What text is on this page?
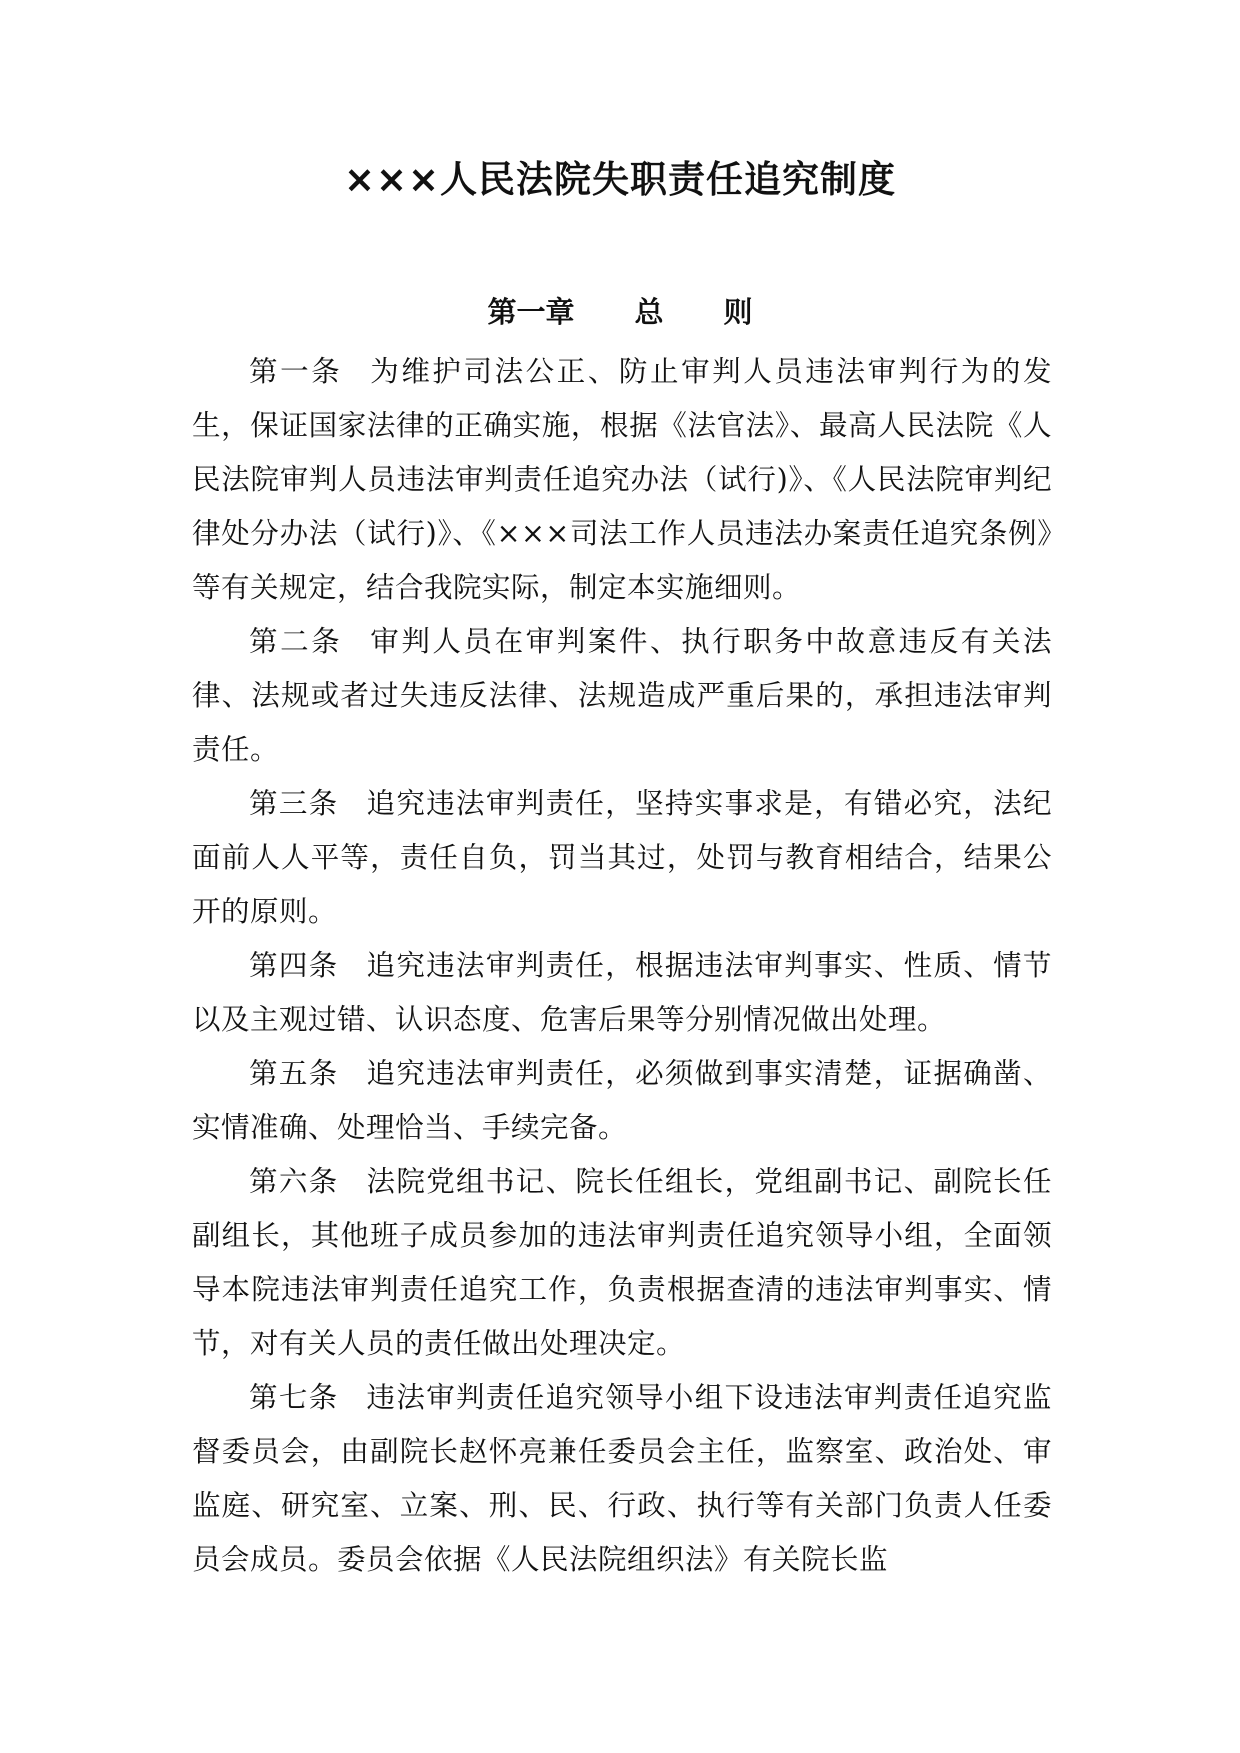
×××人民法院失职责任追究制度
第一章 总 则

第一条 为维护司法公正、防止审判人员违法审判行为的发生，保证国家法律的正确实施，根据《法官法》、最高人民法院《人民法院审判人员违法审判责任追究办法（试行)》、《人民法院审判纪律处分办法（试行)》、《×××司法工作人员违法办案责任追究条例》等有关规定，结合我院实际，制定本实施细则。

第二条 审判人员在审判案件、执行职务中故意违反有关法律、法规或者过失违反法律、法规造成严重后果的，承担违法审判责任。

第三条 追究违法审判责任，坚持实事求是，有错必究，法纪面前人人平等，责任自负，罚当其过，处罚与教育相结合，结果公开的原则。

第四条 追究违法审判责任，根据违法审判事实、性质、情节以及主观过错、认识态度、危害后果等分别情况做出处理。

第五条 追究违法审判责任，必须做到事实清楚，证据确凿、实情准确、处理恰当、手续完备。

第六条 法院党组书记、院长任组长，党组副书记、副院长任副组长，其他班子成员参加的违法审判责任追究领导小组，全面领导本院违法审判责任追究工作，负责根据查清的违法审判事实、情节，对有关人员的责任做出处理决定。

第七条 违法审判责任追究领导小组下设违法审判责任追究监督委员会，由副院长赵怀亮兼任委员会主任，监察室、政治处、审监庭、研究室、立案、刑、民、行政、执行等有关部门负责人任委员会成员。委员会依据《人民法院组织法》有关院长监
